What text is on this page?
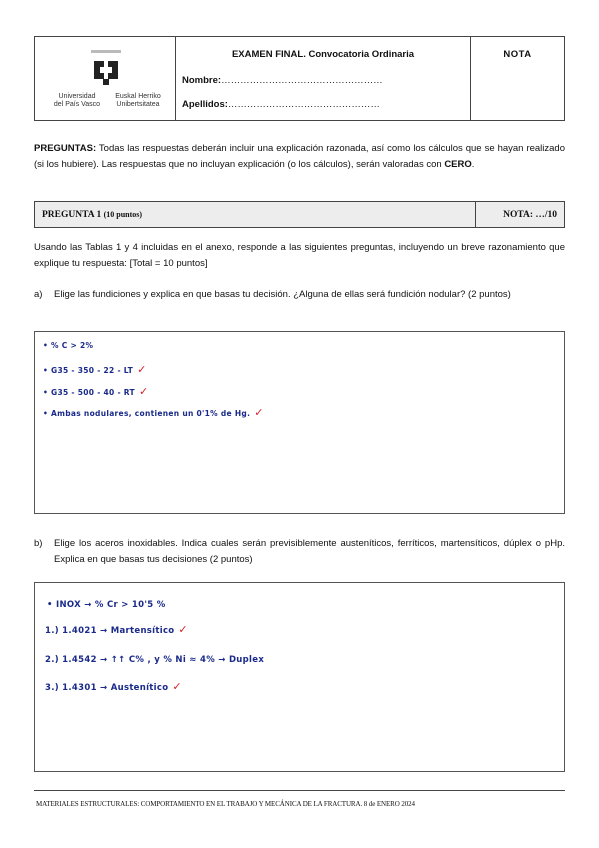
Universidad
del País Vasco
Euskal Herriko
Unibertsitatea
EXAMEN FINAL. Convocatoria Ordinaria
Nombre:……………………………………………
Apellidos:…………………………………………
NOTA
PREGUNTAS: Todas las respuestas deberán incluir una explicación razonada, así como los cálculos que se hayan realizado (si los hubiere). Las respuestas que no incluyan explicación (o los cálculos), serán valoradas con CERO.
PREGUNTA 1 (10 puntos)	NOTA: …/10
Usando las Tablas 1 y 4 incluidas en el anexo, responde a las siguientes preguntas, incluyendo un breve razonamiento que explique tu respuesta: [Total = 10 puntos]
a)	Elige las fundiciones y explica en que basas tu decisión. ¿Alguna de ellas será fundición nodular? (2 puntos)
• % C > 2%
• G35 - 350 - 22 - LT ✓
• G35 - 500 - 40 - RT ✓
• Ambas nodulares, contienen un 0'1% de Hg. ✓
b)	Elige los aceros inoxidables. Indica cuales serán previsiblemente austeníticos, ferríticos, martensíticos, dúplex o pHp. Explica en que basas tus decisiones (2 puntos)
• INOX → % Cr > 10'5 %
1.) 1.4021 → Martensítico ✓
2.) 1.4542 → ↑↑ C% , y % Ni ≈ 4% → Duplex
3.) 1.4301 → Austenítico ✓
MATERIALES ESTRUCTURALES: COMPORTAMIENTO EN EL TRABAJO Y MECÁNICA DE LA FRACTURA. 8 de ENERO 2024
